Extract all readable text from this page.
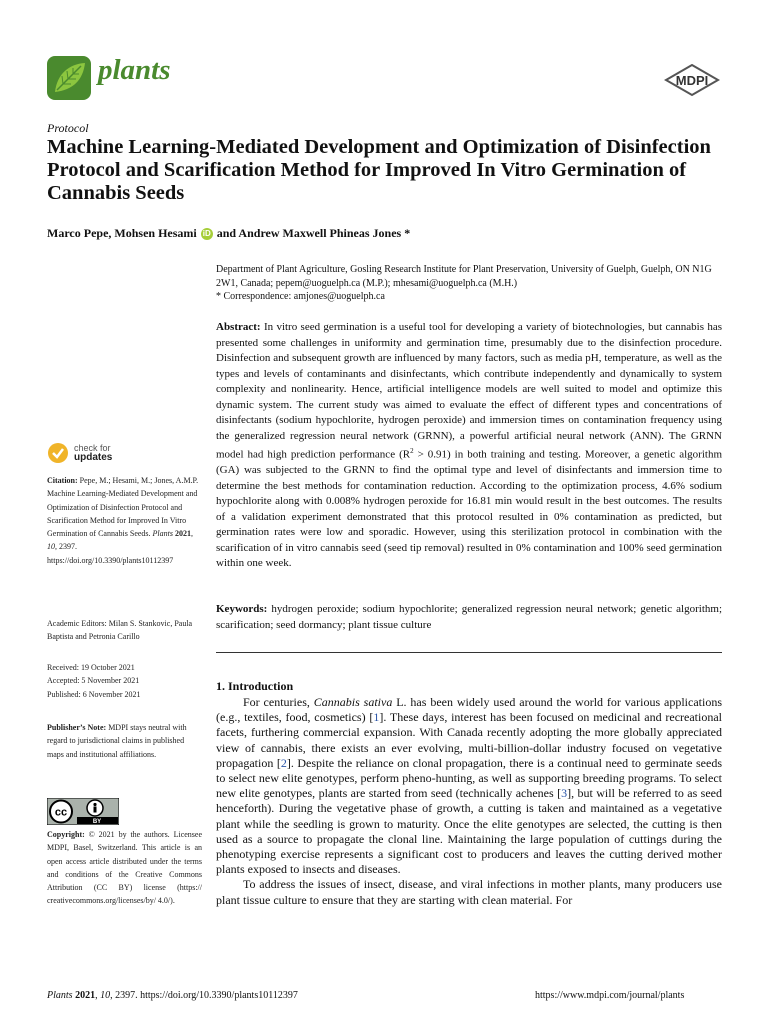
plants	MDPI
Protocol
Machine Learning-Mediated Development and Optimization of Disinfection Protocol and Scarification Method for Improved In Vitro Germination of Cannabis Seeds
Marco Pepe, Mohsen Hesami iD and Andrew Maxwell Phineas Jones *
Department of Plant Agriculture, Gosling Research Institute for Plant Preservation, University of Guelph, Guelph, ON N1G 2W1, Canada; pepem@uoguelph.ca (M.P.); mhesami@uoguelph.ca (M.H.)
* Correspondence: amjones@uoguelph.ca
Abstract: In vitro seed germination is a useful tool for developing a variety of biotechnologies, but cannabis has presented some challenges in uniformity and germination time, presumably due to the disinfection procedure. Disinfection and subsequent growth are influenced by many factors, such as media pH, temperature, as well as the types and levels of contaminants and disinfectants, which contribute independently and dynamically to system complexity and nonlinearity. Hence, artificial intelligence models are well suited to model and optimize this dynamic system. The current study was aimed to evaluate the effect of different types and concentrations of disinfectants (sodium hypochlorite, hydrogen peroxide) and immersion times on contamination frequency using the generalized regression neural network (GRNN), a powerful artificial neural network (ANN). The GRNN model had high prediction performance $(R^2 > 0.91)$ in both training and testing. Moreover, a genetic algorithm (GA) was subjected to the GRNN to find the optimal type and level of disinfectants and immersion time to determine the best methods for contamination reduction. According to the optimization process, 4.6% sodium hypochlorite along with 0.008% hydrogen peroxide for 16.81 min would result in the best outcomes. The results of a validation experiment demonstrated that this protocol resulted in 0% contamination as predicted, but germination rates were low and sporadic. However, using this sterilization protocol in combination with the scarification of in vitro cannabis seed (seed tip removal) resulted in 0% contamination and 100% seed germination within one week.
Keywords: hydrogen peroxide; sodium hypochlorite; generalized regression neural network; genetic algorithm; scarification; seed dormancy; plant tissue culture
1. Introduction

For centuries, Cannabis sativa L. has been widely used around the world for various applications (e.g., textiles, food, cosmetics) [1]. These days, interest has been focused on medicinal and recreational facets, furthering commercial expansion. With Canada recently adopting the more globally appreciated view of cannabis, there exists an ever evolving, multi-billion-dollar industry focused on vegetative propagation [2]. Despite the reliance on clonal propagation, there is a continual need to germinate seeds to select new elite genotypes, perform pheno-hunting, as well as supporting breeding programs. To select new elite genotypes, plants are started from seed (technically achenes [3], but will be referred to as seed henceforth). During the vegetative phase of growth, a cutting is taken and maintained as a vegetative plant while the seedling is grown to maturity. Once the elite genotypes are selected, the cutting is then used as a source to propagate the clonal line. Maintaining the large population of cuttings during the phenotyping exercise represents a significant cost to producers and leaves the cutting derived mother plants exposed to insects and diseases.

To address the issues of insect, disease, and viral infections in mother plants, many producers use plant tissue culture to ensure that they are starting with clean material. For

check for
updates
Citation: Pepe, M.; Hesami, M.; Jones, A.M.P. Machine Learning-Mediated Development and Optimization of Disinfection Protocol and Scarification Method for Improved In Vitro Germination of Cannabis Seeds. Plants 2021, 10, 2397. https://doi.org/10.3390/plants10112397
Academic Editors: Milan S. Stankovic, Paula Baptista and Petronia Carillo
Received: 19 October 2021
Accepted: 5 November 2021
Published: 6 November 2021
Publisher’s Note: MDPI stays neutral with regard to jurisdictional claims in published maps and institutional affiliations.
cc
BY
Copyright: © 2021 by the authors. Licensee MDPI, Basel, Switzerland. This article is an open access article distributed under the terms and conditions of the Creative Commons Attribution (CC BY) license (https:// creativecommons.org/licenses/by/ 4.0/).
Plants 2021, 10, 2397. https://doi.org/10.3390/plants10112397	https://www.mdpi.com/journal/plants
